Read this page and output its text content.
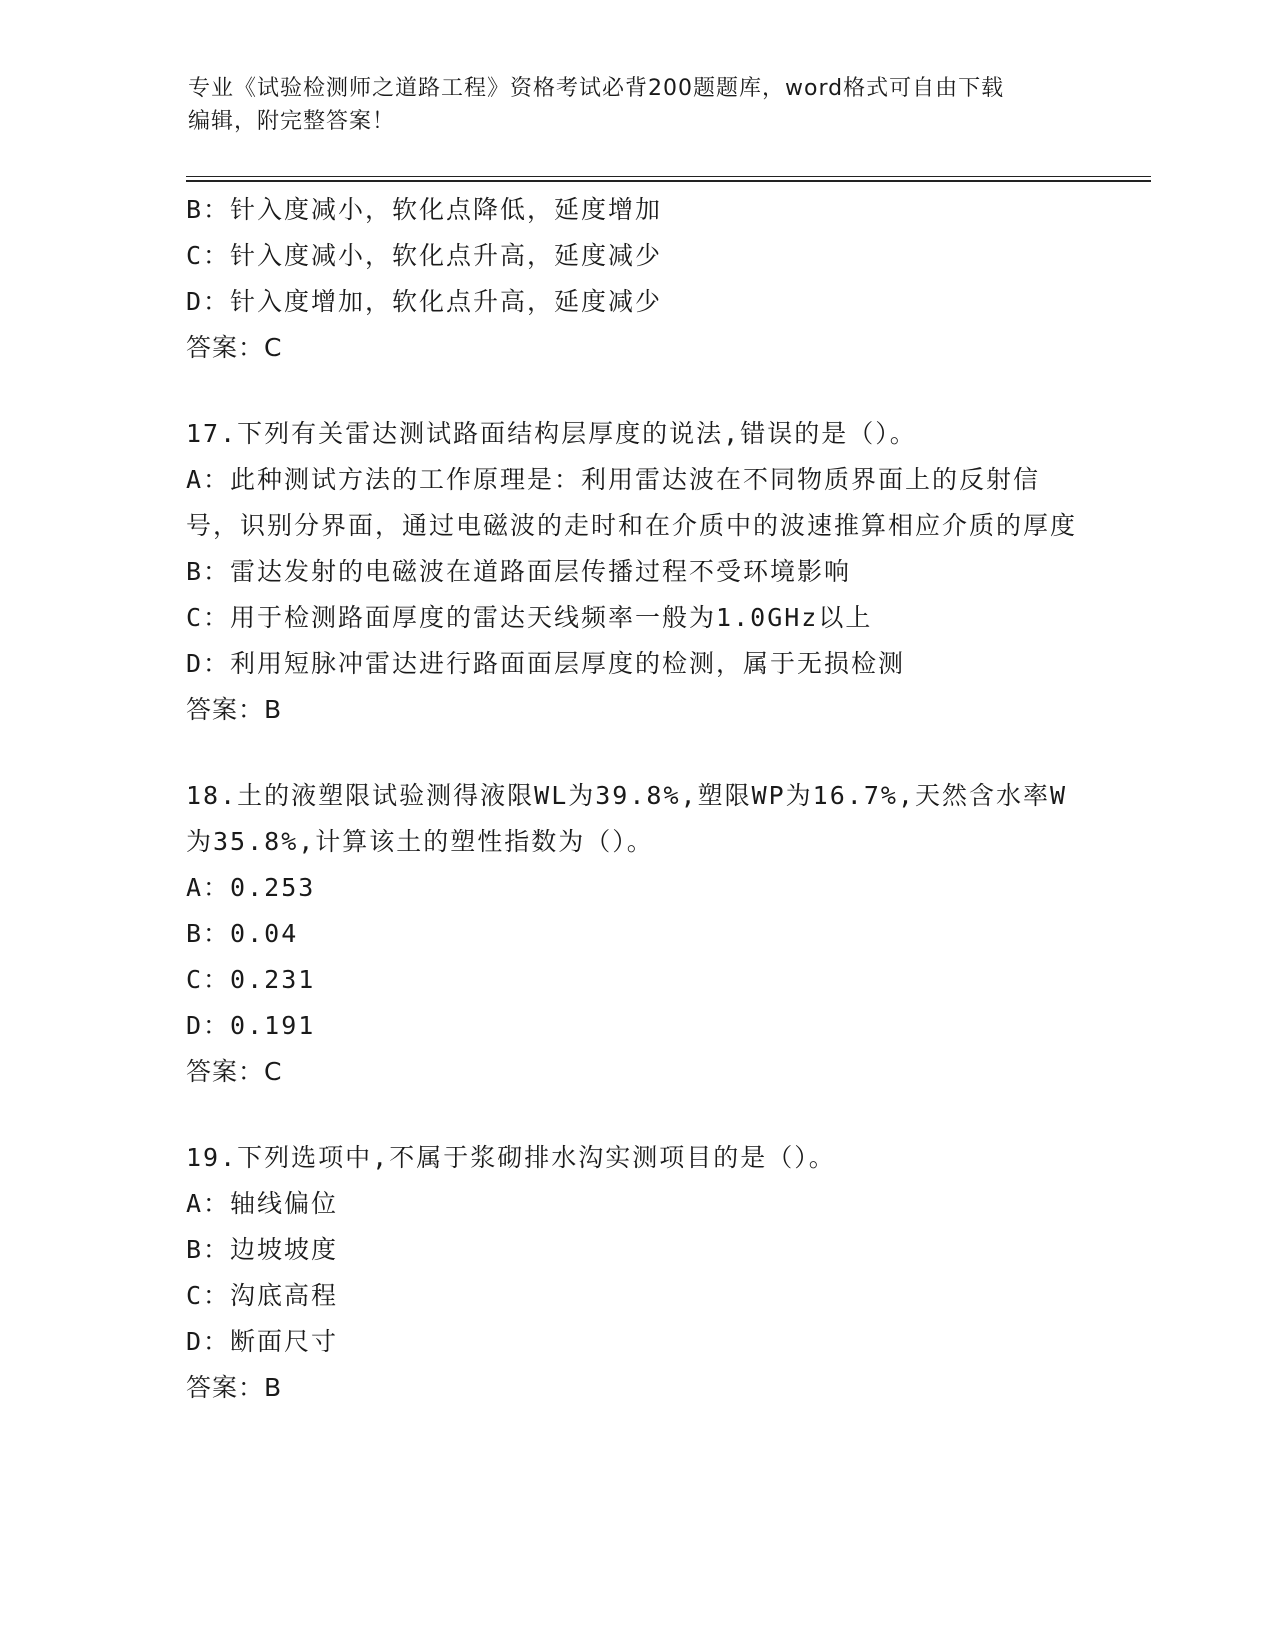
专业《试验检测师之道路工程》资格考试必背200题题库，word格式可自由下载

编辑，附完整答案！

B：针入度减小，软化点降低，延度增加

C：针入度减小，软化点升高，延度减少

D：针入度增加，软化点升高，延度减少

答案：C

17.下列有关雷达测试路面结构层厚度的说法,错误的是（）。

A：此种测试方法的工作原理是：利用雷达波在不同物质界面上的反射信号，识别分界面，通过电磁波的走时和在介质中的波速推算相应介质的厚度

B：雷达发射的电磁波在道路面层传播过程不受环境影响

C：用于检测路面厚度的雷达天线频率一般为1.0GHz以上

D：利用短脉冲雷达进行路面面层厚度的检测，属于无损检测

答案：B

18.土的液塑限试验测得液限WL为39.8%,塑限WP为16.7%,天然含水率W为35.8%,计算该土的塑性指数为（）。

A：0.253

B：0.04

C：0.231

D：0.191

答案：C

19.下列选项中,不属于浆砌排水沟实测项目的是（）。

A：轴线偏位

B：边坡坡度

C：沟底高程

D：断面尺寸

答案：B
